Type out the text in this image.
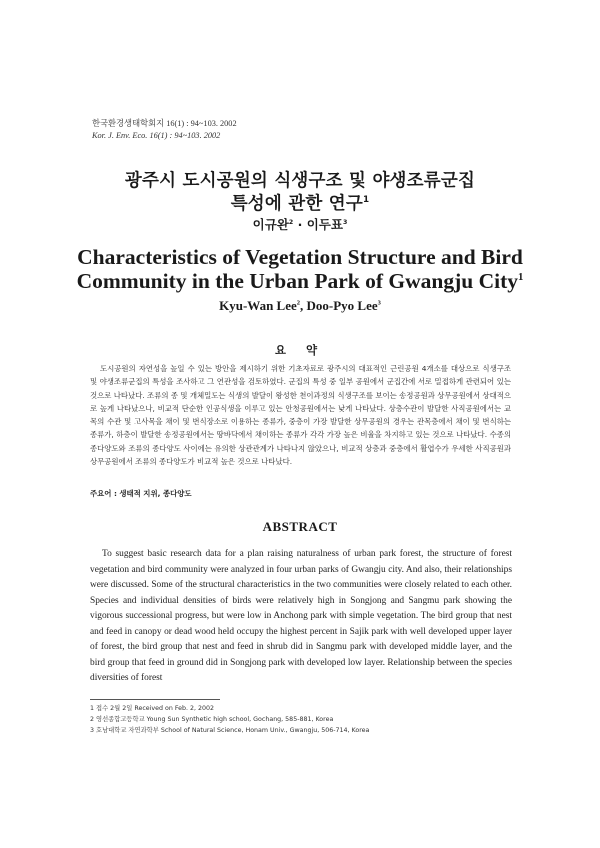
한국환경생태학회지 16(1) : 94~103. 2002
Kor. J. Env. Eco. 16(1) : 94~103. 2002
광주시 도시공원의 식생구조 및 야생조류군집
특성에 관한 연구$^1$
이규완$^2$ · 이두표$^3$
Characteristics of Vegetation Structure and Bird
Community in the Urban Park of Gwangju City$^1$
Kyu-Wan Lee$^2$, Doo-Pyo Lee$^3$
요 약
도시공원의 자연성을 높일 수 있는 방안을 제시하기 위한 기초자료로 광주시의 대표적인 근린공원 4개소를 대상으로 식생구조 및 야생조류군집의 특성을 조사하고 그 연관성을 검토하였다. 군집의 특성 중 일부 공원에서 군집간에 서로 밀접하게 관련되어 있는 것으로 나타났다. 조류의 종 및 개체밀도는 식생의 발달이 왕성한 천이과정의 식생구조를 보이는 송정공원과 상무공원에서 상대적으로 높게 나타났으나, 비교적 단순한 인공식생을 이루고 있는 안청공원에서는 낮게 나타났다. 상층수관이 발달한 사직공원에서는 교목의 수관 및 고사목을 채이 및 번식장소로 이용하는 종류가, 중층이 가장 발달한 상무공원의 경우는 관목층에서 채이 및 번식하는 종류가, 하층이 발달한 송정공원에서는 땅바닥에서 채이하는 종류가 각각 가장 높은 비율을 차지하고 있는 것으로 나타났다. 수종의 종다양도와 조류의 종다양도 사이에는 유의한 상관관계가 나타나지 않았으나, 비교적 상층과 중층에서 활엽수가 우세한 사직공원과 상무공원에서 조류의 종다양도가 비교적 높은 것으로 나타났다.
주요어 : 생태적 지위, 종다양도
ABSTRACT
To suggest basic research data for a plan raising naturalness of urban park forest, the structure of forest vegetation and bird community were analyzed in four urban parks of Gwangju city. And also, their relationships were discussed. Some of the structural characteristics in the two communities were closely related to each other. Species and individual densities of birds were relatively high in Songjong and Sangmu park showing the vigorous successional progress, but were low in Anchong park with simple vegetation. The bird group that nest and feed in canopy or dead wood held occupy the highest percent in Sajik park with well developed upper layer of forest, the bird group that nest and feed in shrub did in Sangmu park with developed middle layer, and the bird group that feed in ground did in Songjong park with developed low layer. Relationship between the species diversities of forest
1 접수 2월 2일 Received on Feb. 2, 2002
2 영선종합고등학교 Young Sun Synthetic high school, Gochang, 585-881, Korea
3 호남대학교 자연과학부 School of Natural Science, Honam Univ., Gwangju, 506-714, Korea
